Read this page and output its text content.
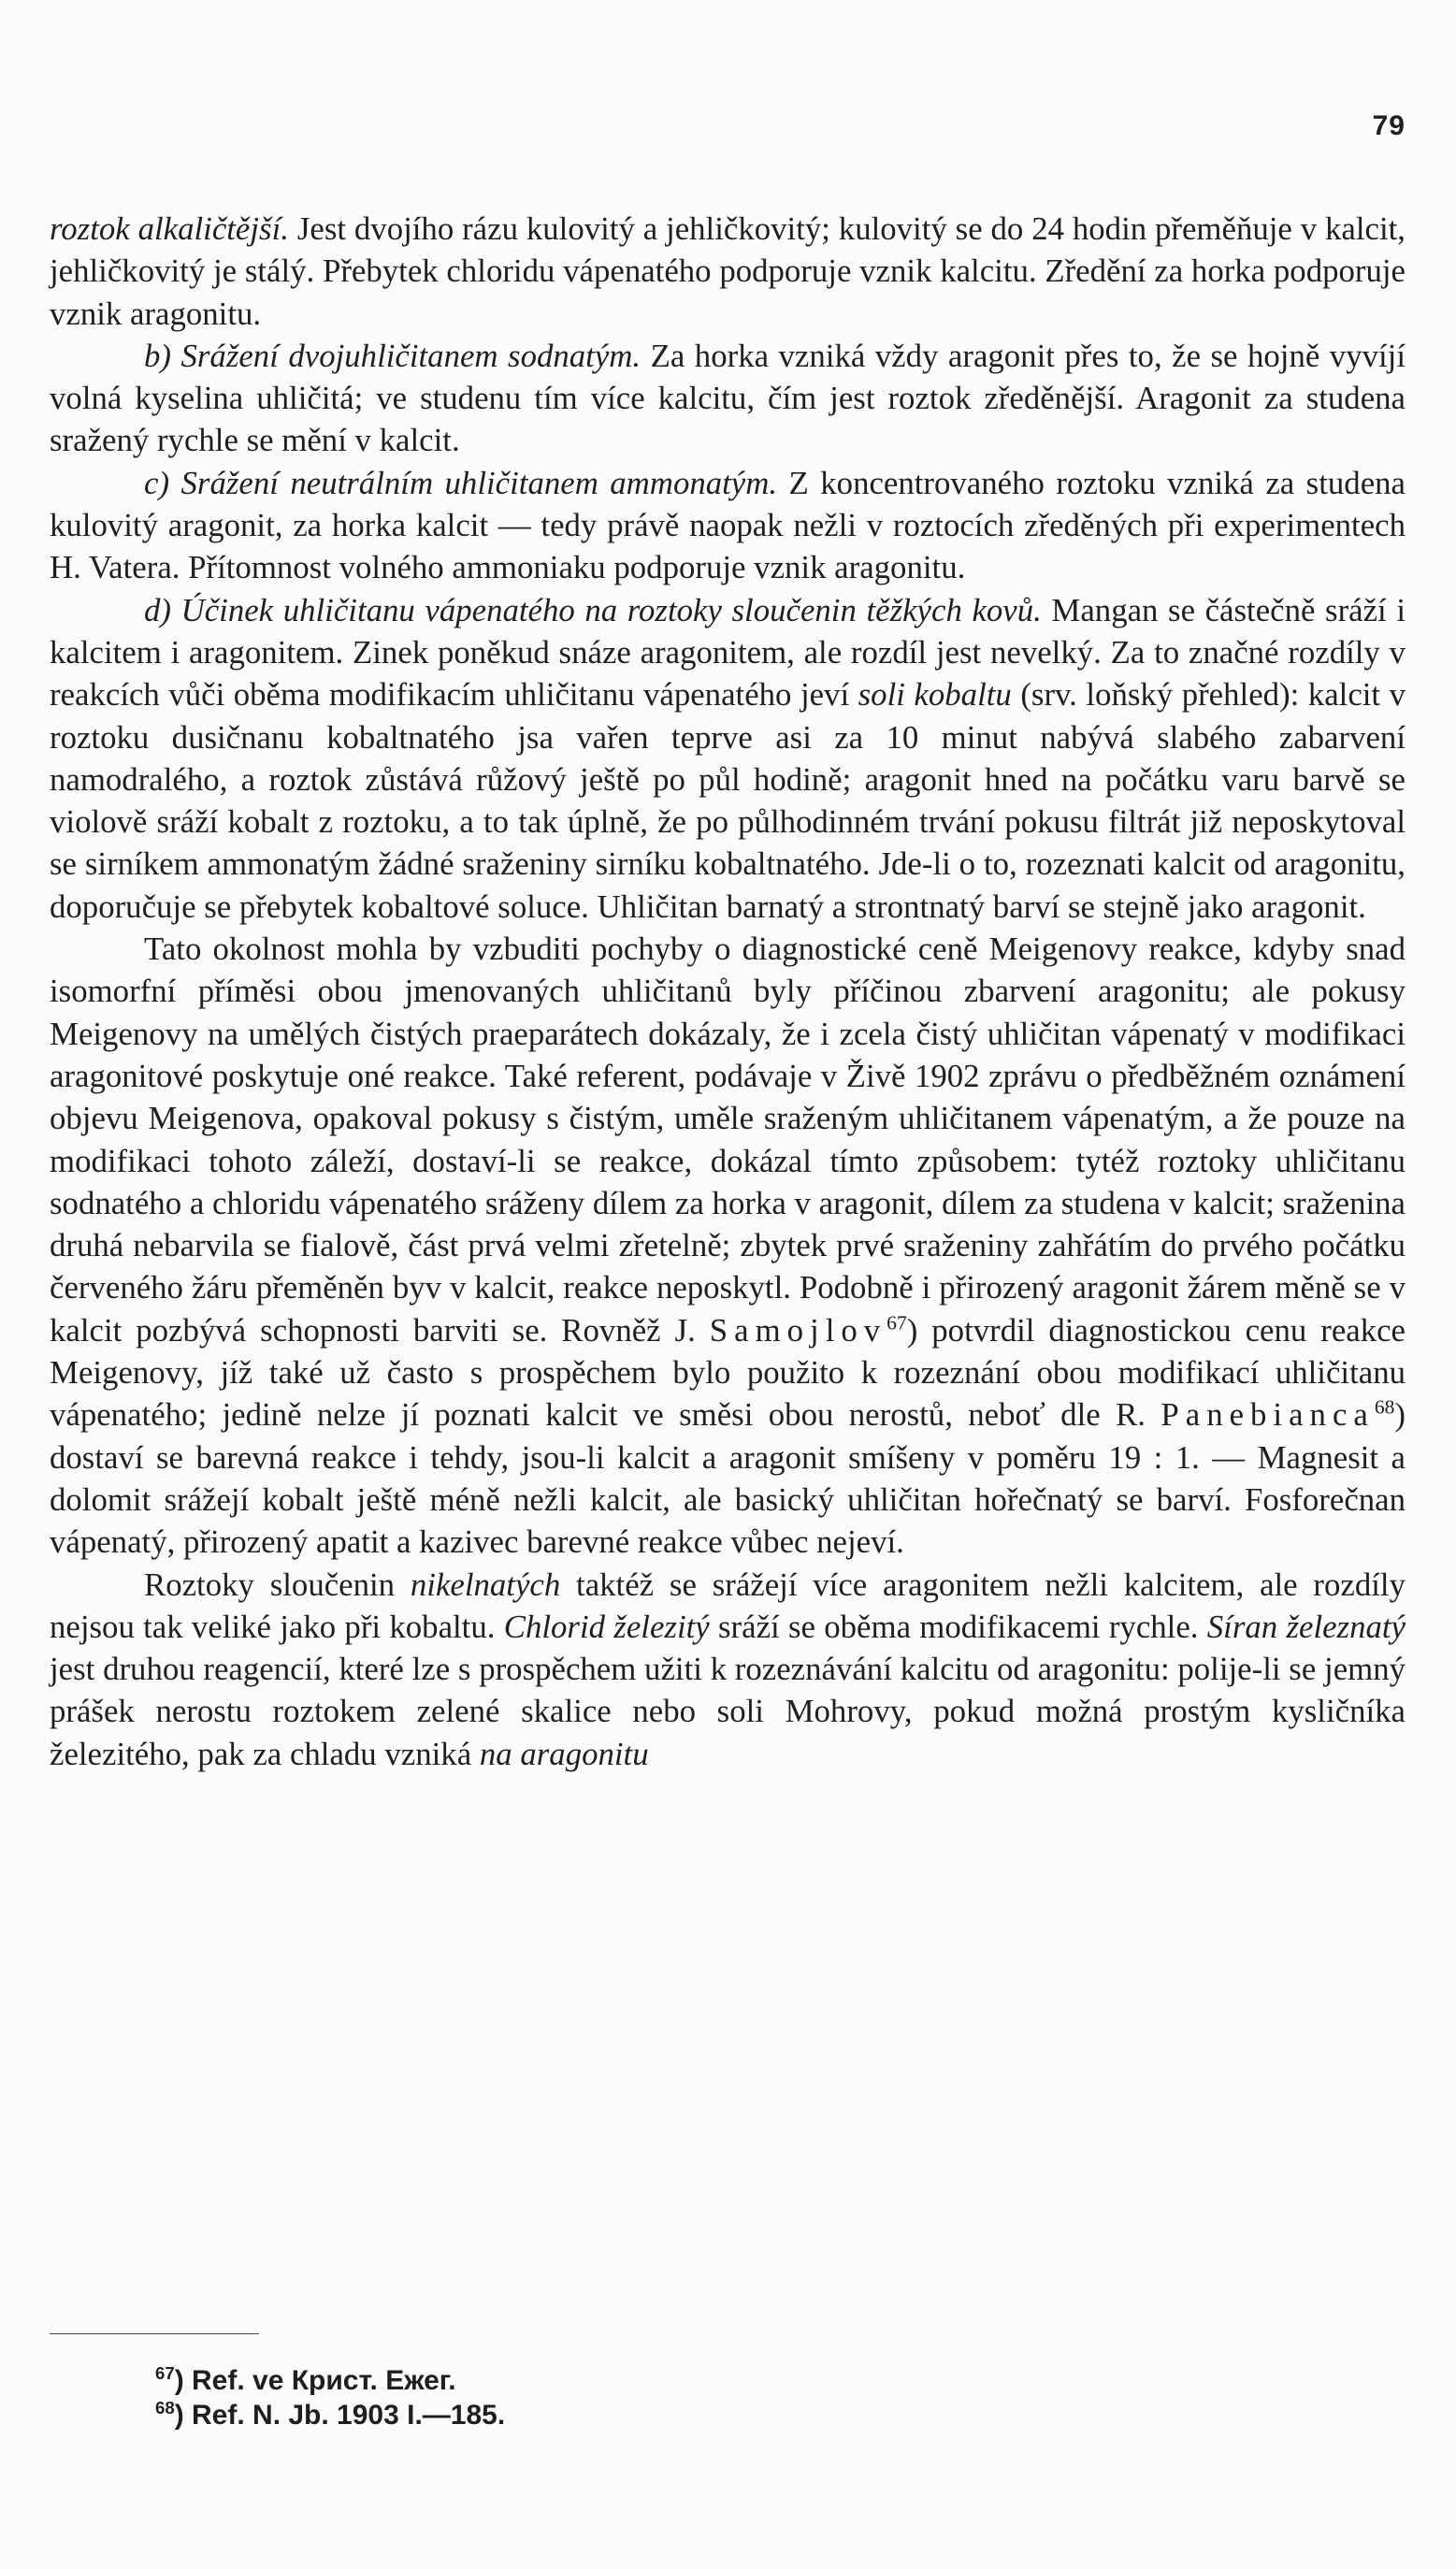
79

roztok alkaličtější. Jest dvojího rázu kulovitý a jehličkovitý; kulovitý se do 24 hodin přeměňuje v kalcit, jehličkovitý je stálý. Přebytek chloridu vápenatého podporuje vznik kalcitu. Zředění za horka podporuje vznik aragonitu.

b) Srážení dvojuhličitanem sodnatým. Za horka vzniká vždy aragonit přes to, že se hojně vyvíjí volná kyselina uhličitá; ve studenu tím více kalcitu, čím jest roztok zředěnější. Aragonit za studena sražený rychle se mění v kalcit.

c) Srážení neutrálním uhličitanem ammonatým. Z koncentrovaného roztoku vzniká za studena kulovitý aragonit, za horka kalcit — tedy právě naopak nežli v roztocích zředěných při experimentech H. Vatera. Přítomnost volného ammoniaku podporuje vznik aragonitu.

d) Účinek uhličitanu vápenatého na roztoky sloučenin těžkých kovů. Mangan se částečně sráží i kalcitem i aragonitem. Zinek poněkud snáze aragonitem, ale rozdíl jest nevelký. Za to značné rozdíly v reakcích vůči oběma modifikacím uhličitanu vápenatého jeví soli kobaltu (srv. loňský přehled): kalcit v roztoku dusičnanu kobaltnatého jsa vařen teprve asi za 10 minut nabývá slabého zabarvení namodralého, a roztok zůstává růžový ještě po půl hodině; aragonit hned na počátku varu barvě se violově sráží kobalt z roztoku, a to tak úplně, že po půlhodinném trvání pokusu filtrát již neposkytoval se sirníkem ammonatým žádné sraženiny sirníku kobaltnatého. Jde-li o to, rozeznati kalcit od aragonitu, doporučuje se přebytek kobaltové soluce. Uhličitan barnatý a strontnatý barví se stejně jako aragonit.

Tato okolnost mohla by vzbuditi pochyby o diagnostické ceně Meigenovy reakce, kdyby snad isomorfní příměsi obou jmenovaných uhličitanů byly příčinou zbarvení aragonitu; ale pokusy Meigenovy na umělých čistých praeparátech dokázaly, že i zcela čistý uhličitan vápenatý v modifikaci aragonitové poskytuje oné reakce. Také referent, podávaje v Živě 1902 zprávu o předběžném oznámení objevu Meigenova, opakoval pokusy s čistým, uměle sraženým uhličitanem vápenatým, a že pouze na modifikaci tohoto záleží, dostaví-li se reakce, dokázal tímto způsobem: tytéž roztoky uhličitanu sodnatého a chloridu vápenatého sráženy dílem za horka v aragonit, dílem za studena v kalcit; sraženina druhá nebarvila se fialově, část prvá velmi zřetelně; zbytek prvé sraženiny zahřátím do prvého počátku červeného žáru přeměněn byv v kalcit, reakce neposkytl. Podobně i přirozený aragonit žárem měně se v kalcit pozbývá schopnosti barviti se. Rovněž J. Samojlov$^{67}$) potvrdil diagnostickou cenu reakce Meigenovy, jíž také už často s prospěchem bylo použito k rozeznání obou modifikací uhličitanu vápenatého; jedině nelze jí poznati kalcit ve směsi obou nerostů, neboť dle R. Panebianca$^{68}$) dostaví se barevná reakce i tehdy, jsou-li kalcit a aragonit smíšeny v poměru 19 : 1. — Magnesit a dolomit srážejí kobalt ještě méně nežli kalcit, ale basický uhličitan hořečnatý se barví. Fosforečnan vápenatý, přirozený apatit a kazivec barevné reakce vůbec nejeví.

Roztoky sloučenin nikelnatých taktéž se srážejí více aragonitem nežli kalcitem, ale rozdíly nejsou tak veliké jako při kobaltu. Chlorid železitý sráží se oběma modifikacemi rychle. Síran železnatý jest druhou reagencií, které lze s prospěchem užiti k rozeznávání kalcitu od aragonitu: polije-li se jemný prášek nerostu roztokem zelené skalice nebo soli Mohrovy, pokud možná prostým kysličníka železitého, pak za chladu vzniká na aragonitu

$^{67}$) Ref. ve Крист. Ежег.
$^{68}$) Ref. N. Jb. 1903 I.—185.
